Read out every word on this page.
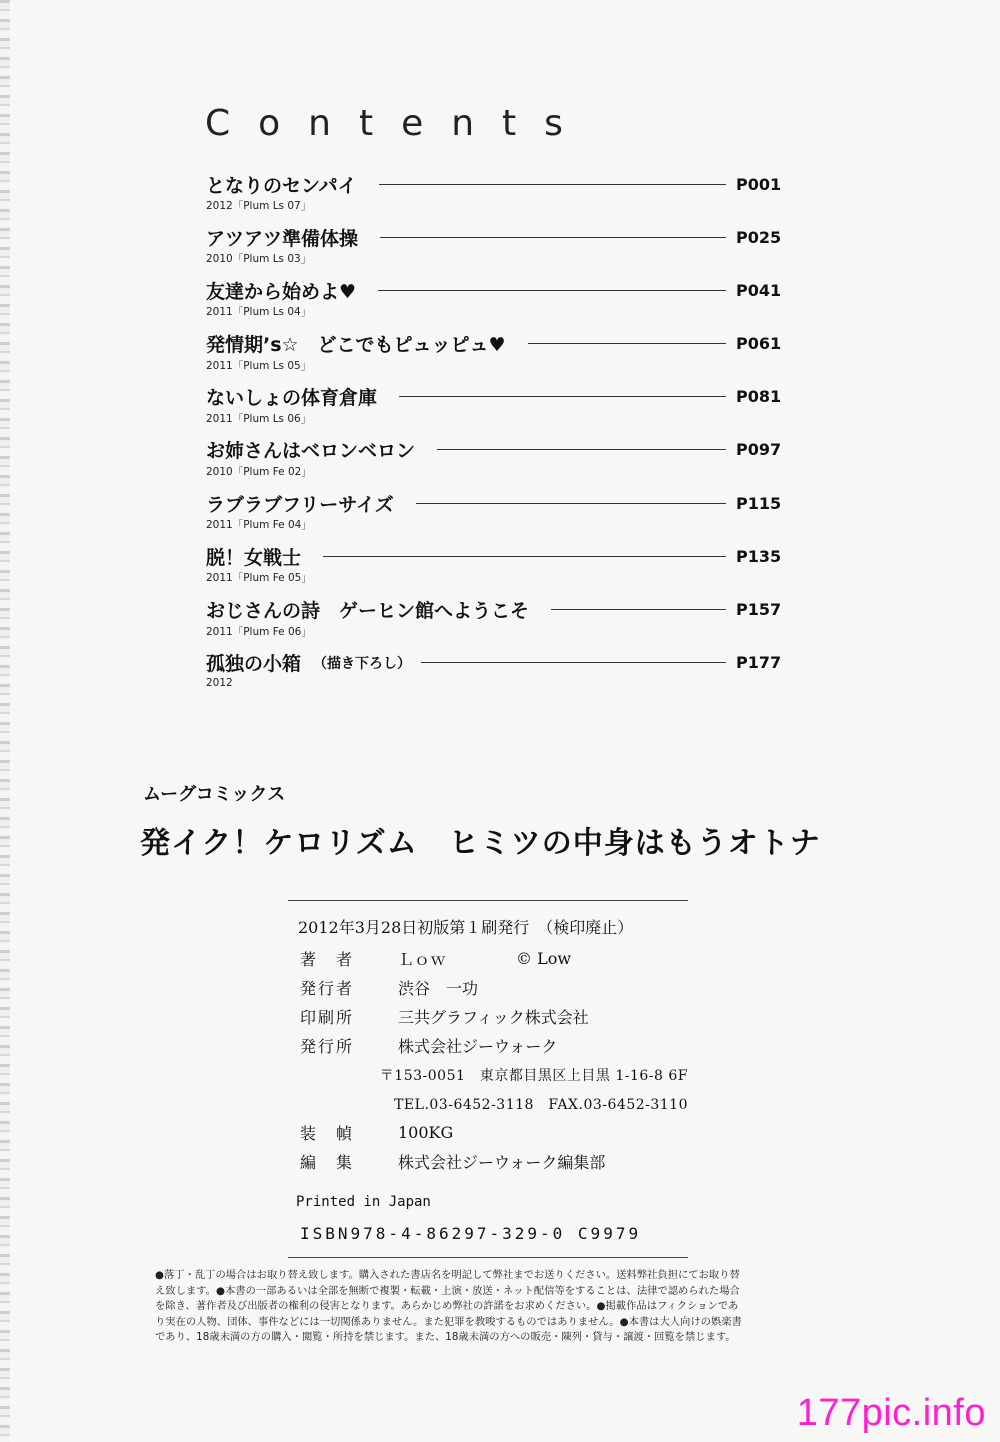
Contents
となりのセンパイ	P001
2012「Plum Ls 07」
アツアツ準備体操	P025
2010「Plum Ls 03」
友達から始めよ♥	P041
2011「Plum Ls 04」
発情期’s☆　どこでもピュッピュ♥	P061
2011「Plum Ls 05」
ないしょの体育倉庫	P081
2011「Plum Ls 06」
お姉さんはベロンベロン	P097
2010「Plum Fe 02」
ラブラブフリーサイズ	P115
2011「Plum Fe 04」
脱！女戦士	P135
2011「Plum Fe 05」
おじさんの詩　ゲーヒン館へようこそ	P157
2011「Plum Fe 06」
孤独の小箱 （描き下ろし）	P177
2012
ムーグコミックス
発イク！ケロリズム　ヒミツの中身はもうオトナ
2012年3月28日初版第１刷発行　（検印廃止）
著　者	Ｌｏｗ	© Low
発行者	渋谷　一功
印刷所	三共グラフィック株式会社
発行所	株式会社ジーウォーク
〒153-0051　東京都目黒区上目黒 1-16-8 6F
TEL.03-6452-3118　FAX.03-6452-3110
装　幀	100KG
編　集	株式会社ジーウォーク編集部
Printed in Japan
ISBN978-4-86297-329-0 C9979
●落丁・乱丁の場合はお取り替え致します。購入された書店名を明記して弊社までお送りください。送料弊社負担にてお取り替
え致します。●本書の一部あるいは全部を無断で複製・転載・上演・放送・ネット配信等をすることは、法律で認められた場合
を除き、著作者及び出版者の権利の侵害となります。あらかじめ弊社の許諾をお求めください。●掲載作品はフィクションであ
り実在の人物、団体、事件などには一切関係ありません。また犯罪を教唆するものではありません。●本書は大人向けの娯楽書
であり、18歳未満の方の購入・閲覧・所持を禁じます。また、18歳未満の方への販売・陳列・貸与・譲渡・回覧を禁じます。
177pic.info
